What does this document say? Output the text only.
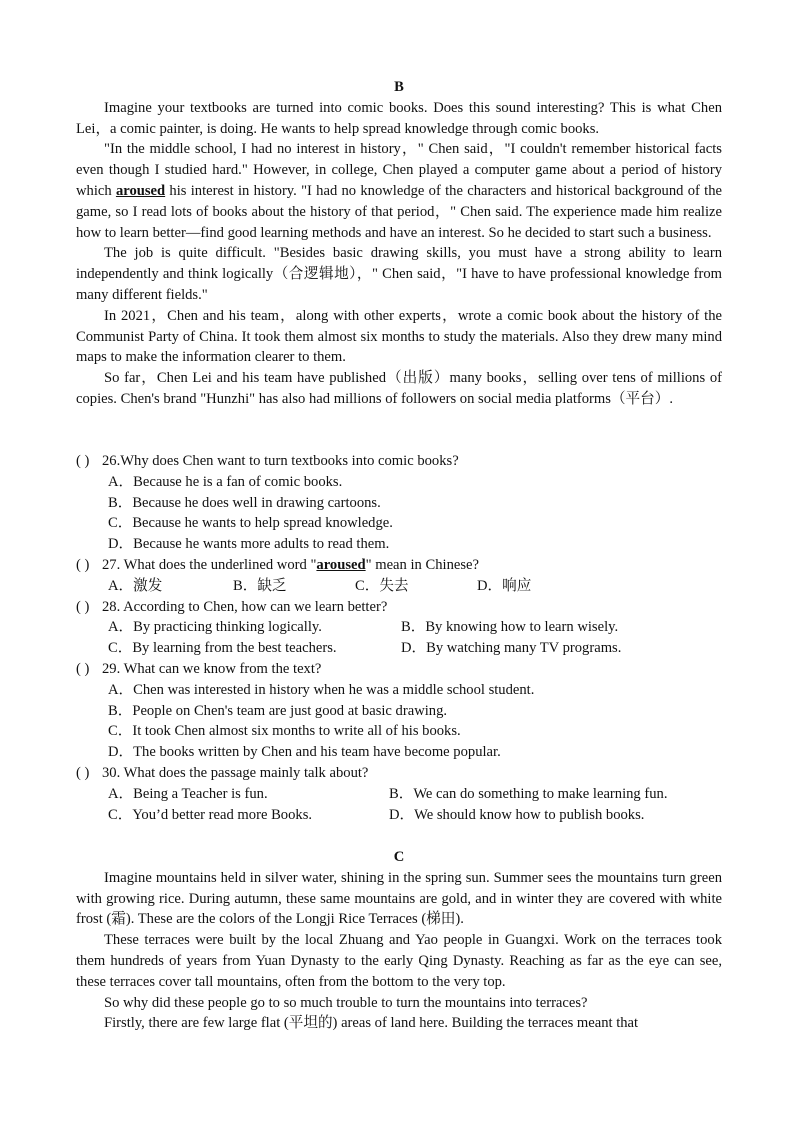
B

Imagine your textbooks are turned into comic books. Does this sound interesting? This is what Chen Lei，a comic painter, is doing. He wants to help spread knowledge through comic books.

"In the middle school, I had no interest in history，" Chen said，"I couldn't remember historical facts even though I studied hard." However, in college, Chen played a computer game about a period of history which aroused his interest in history. "I had no knowledge of the characters and historical background of the game, so I read lots of books about the history of that period，" Chen said. The experience made him realize how to learn better—find good learning methods and have an interest. So he decided to start such a business.

The job is quite difficult. "Besides basic drawing skills, you must have a strong ability to learn independently and think logically（合逻辑地），" Chen said，"I have to have professional knowledge from many different fields."

In 2021，Chen and his team，along with other experts，wrote a comic book about the history of the Communist Party of China. It took them almost six months to study the materials. Also they drew many mind maps to make the information clearer to them.

So far，Chen Lei and his team have published（出版）many books，selling over tens of millions of copies. Chen's brand "Hunzhi" has also had millions of followers on social media platforms（平台）.

( ) 26.Why does Chen want to turn textbooks into comic books?
A．Because he is a fan of comic books.
B．Because he does well in drawing cartoons.
C．Because he wants to help spread knowledge.
D．Because he wants more adults to read them.
( ) 27. What does the underlined word "aroused" mean in Chinese?
A．激发	B．缺乏	C．失去	D．响应
( ) 28. According to Chen, how can we learn better?
A．By practicing thinking logically.	B．By knowing how to learn wisely.
C．By learning from the best teachers.	D．By watching many TV programs.
( ) 29. What can we know from the text?
A．Chen was interested in history when he was a middle school student.
B．People on Chen's team are just good at basic drawing.
C．It took Chen almost six months to write all of his books.
D．The books written by Chen and his team have become popular.
( ) 30. What does the passage mainly talk about?
A．Being a Teacher is fun.	B．We can do something to make learning fun.
C．You’d better read more Books.	D．We should know how to publish books.
C

Imagine mountains held in silver water, shining in the spring sun. Summer sees the mountains turn green with growing rice. During autumn, these same mountains are gold, and in winter they are covered with white frost (霜). These are the colors of the Longji Rice Terraces (梯田).

These terraces were built by the local Zhuang and Yao people in Guangxi. Work on the terraces took them hundreds of years from Yuan Dynasty to the early Qing Dynasty. Reaching as far as the eye can see, these terraces cover tall mountains, often from the bottom to the very top.

So why did these people go to so much trouble to turn the mountains into terraces?

Firstly, there are few large flat (平坦的) areas of land here. Building the terraces meant that
